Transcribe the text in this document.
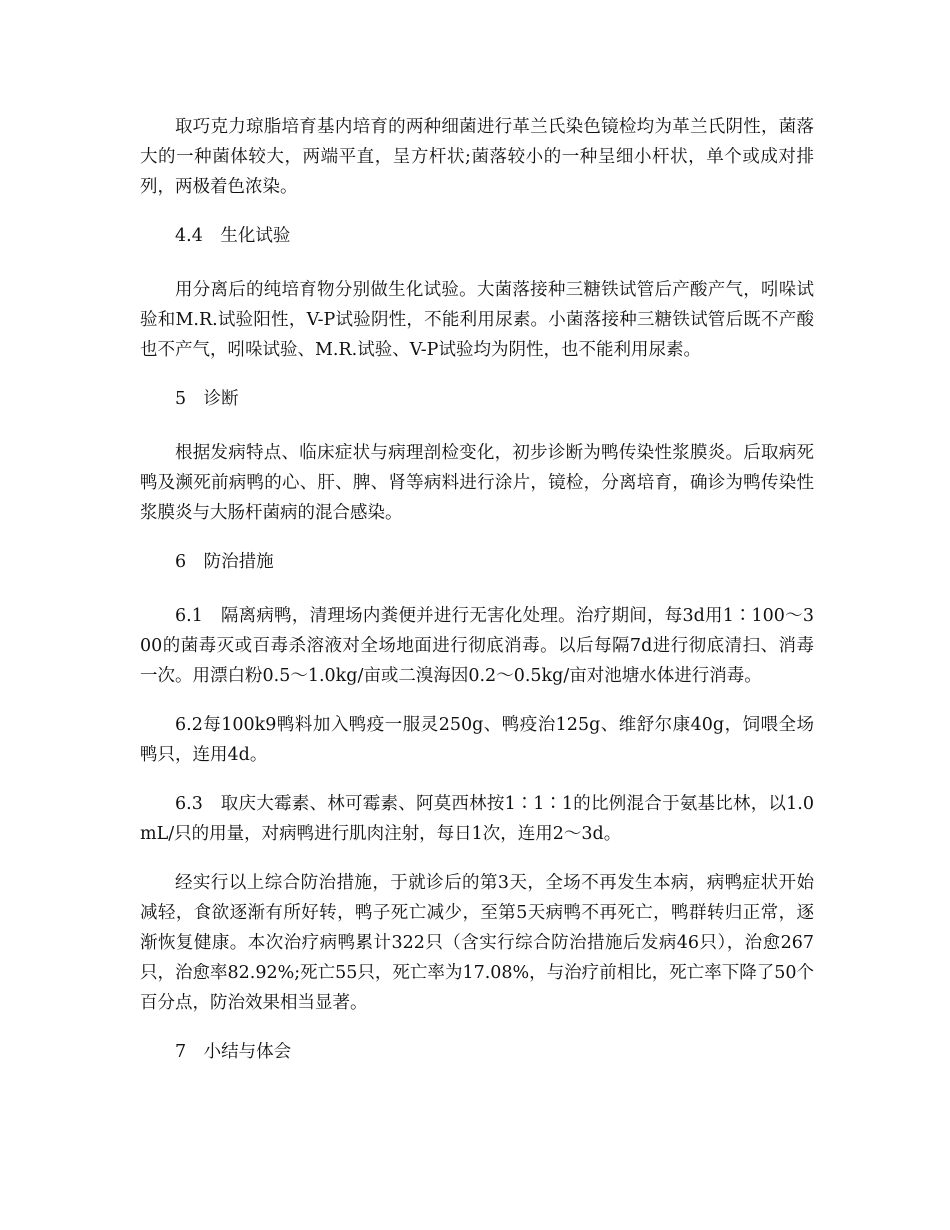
取巧克力琼脂培育基内培育的两种细菌进行革兰氏染色镜检均为革兰氏阴性，菌落大的一种菌体较大，两端平直，呈方杆状;菌落较小的一种呈细小杆状，单个或成对排列，两极着色浓染。

4.4　生化试验

用分离后的纯培育物分别做生化试验。大菌落接种三糖铁试管后产酸产气，吲哚试验和M.R.试验阳性，V-P试验阴性，不能利用尿素。小菌落接种三糖铁试管后既不产酸也不产气，吲哚试验、M.R.试验、V-P试验均为阴性，也不能利用尿素。

5　诊断

根据发病特点、临床症状与病理剖检变化，初步诊断为鸭传染性浆膜炎。后取病死鸭及濒死前病鸭的心、肝、脾、肾等病料进行涂片，镜检，分离培育，确诊为鸭传染性浆膜炎与大肠杆菌病的混合感染。

6　防治措施

6.1　隔离病鸭，清理场内粪便并进行无害化处理。治疗期间，每3d用1∶100～300的菌毒灭或百毒杀溶液对全场地面进行彻底消毒。以后每隔7d进行彻底清扫、消毒一次。用漂白粉0.5～1.0kg/亩或二溴海因0.2～0.5kg/亩对池塘水体进行消毒。

6.2每100k9鸭料加入鸭疫一服灵250g、鸭疫治125g、维舒尔康40g，饲喂全场鸭只，连用4d。

6.3　取庆大霉素、林可霉素、阿莫西林按1∶1∶1的比例混合于氨基比林，以1.0mL/只的用量，对病鸭进行肌肉注射，每日1次，连用2～3d。

经实行以上综合防治措施，于就诊后的第3天，全场不再发生本病，病鸭症状开始减轻，食欲逐渐有所好转，鸭子死亡减少，至第5天病鸭不再死亡，鸭群转归正常，逐渐恢复健康。本次治疗病鸭累计322只（含实行综合防治措施后发病46只），治愈267只，治愈率82.92%;死亡55只，死亡率为17.08%，与治疗前相比，死亡率下降了50个百分点，防治效果相当显著。

7　小结与体会
